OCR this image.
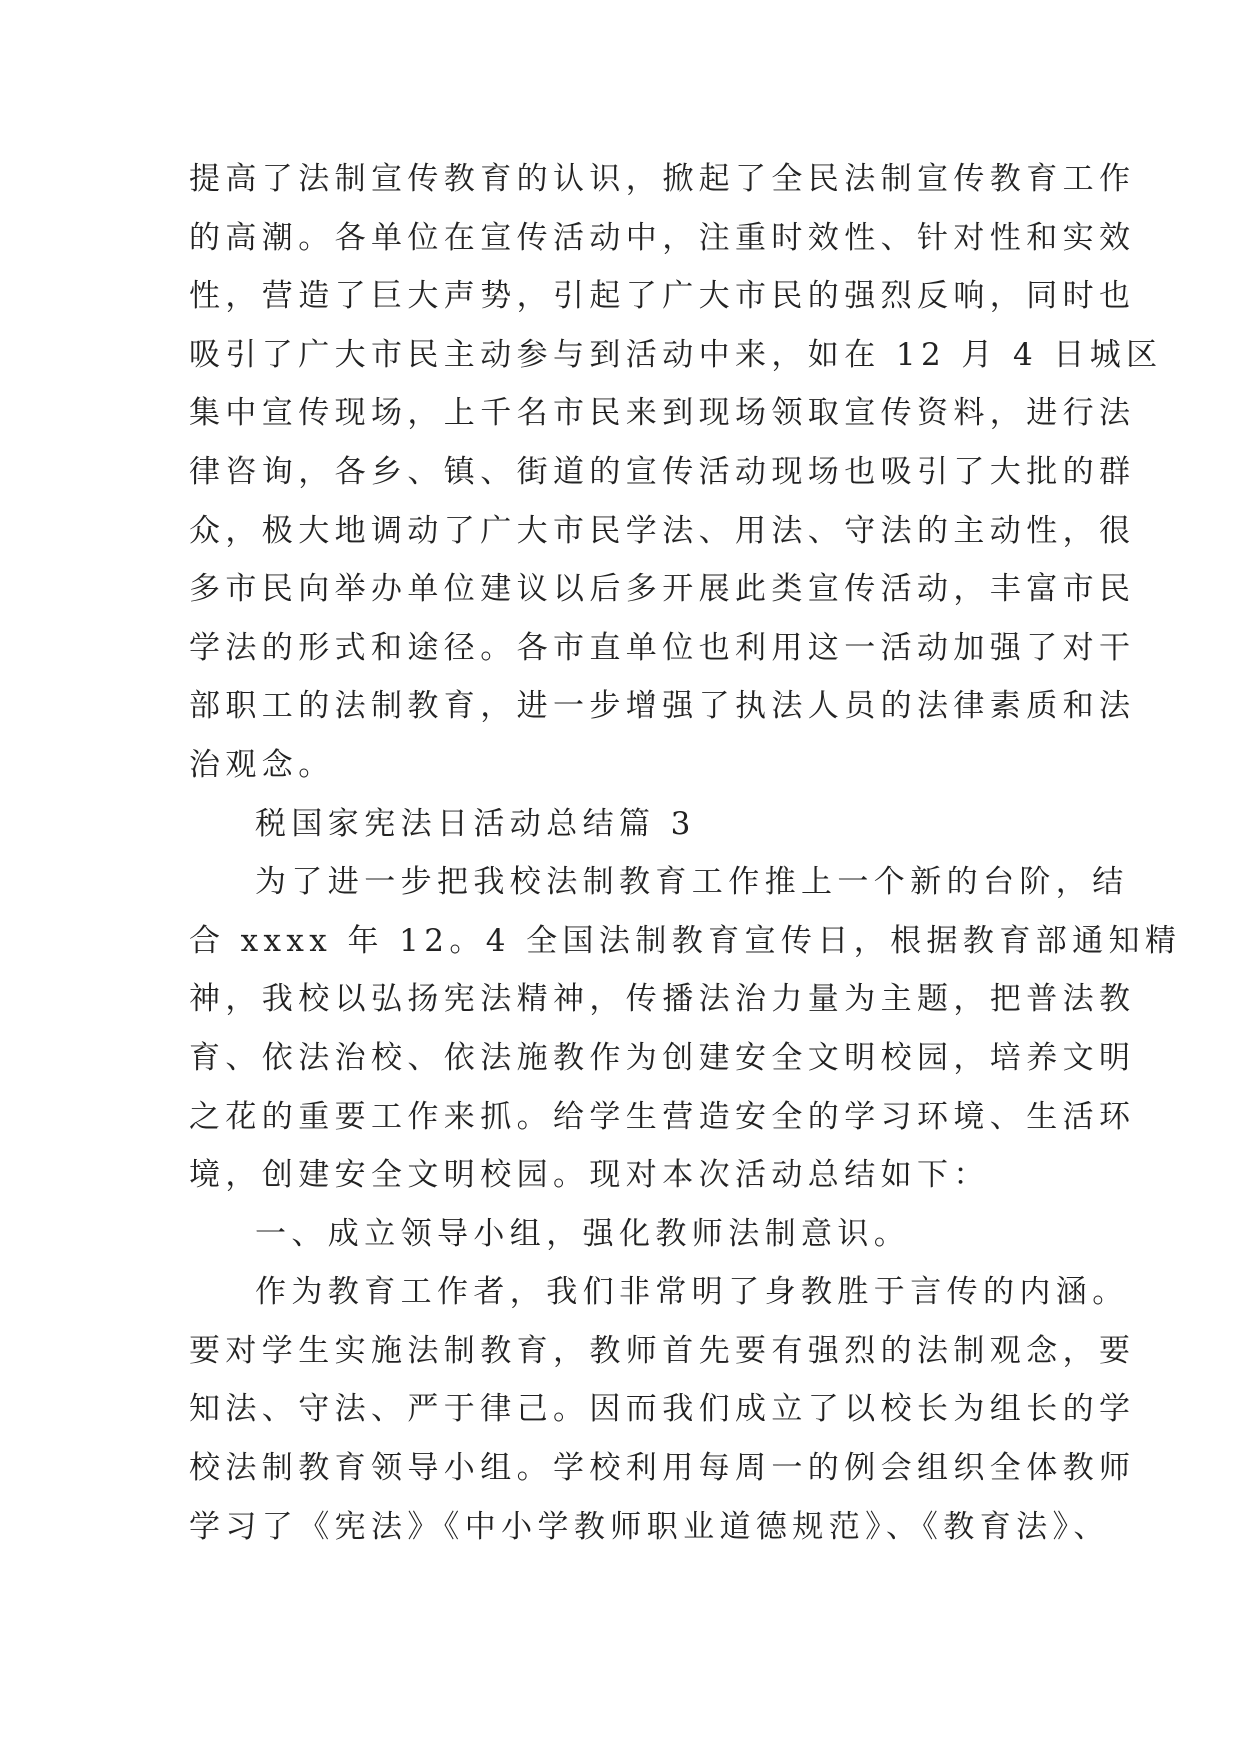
提高了法制宣传教育的认识，掀起了全民法制宣传教育工作
的高潮。各单位在宣传活动中，注重时效性、针对性和实效
性，营造了巨大声势，引起了广大市民的强烈反响，同时也
吸引了广大市民主动参与到活动中来，如在 12 月 4 日城区
集中宣传现场，上千名市民来到现场领取宣传资料，进行法
律咨询，各乡、镇、街道的宣传活动现场也吸引了大批的群
众，极大地调动了广大市民学法、用法、守法的主动性，很
多市民向举办单位建议以后多开展此类宣传活动，丰富市民
学法的形式和途径。各市直单位也利用这一活动加强了对干
部职工的法制教育，进一步增强了执法人员的法律素质和法
治观念。
税国家宪法日活动总结篇 3
为了进一步把我校法制教育工作推上一个新的台阶，结
合 xxxx 年 12。4 全国法制教育宣传日，根据教育部通知精
神，我校以弘扬宪法精神，传播法治力量为主题，把普法教
育、依法治校、依法施教作为创建安全文明校园，培养文明
之花的重要工作来抓。给学生营造安全的学习环境、生活环
境，创建安全文明校园。现对本次活动总结如下：
一、成立领导小组，强化教师法制意识。
作为教育工作者，我们非常明了身教胜于言传的内涵。
要对学生实施法制教育，教师首先要有强烈的法制观念，要
知法、守法、严于律己。因而我们成立了以校长为组长的学
校法制教育领导小组。学校利用每周一的例会组织全体教师
学习了《宪法》《中小学教师职业道德规范》、《教育法》、
